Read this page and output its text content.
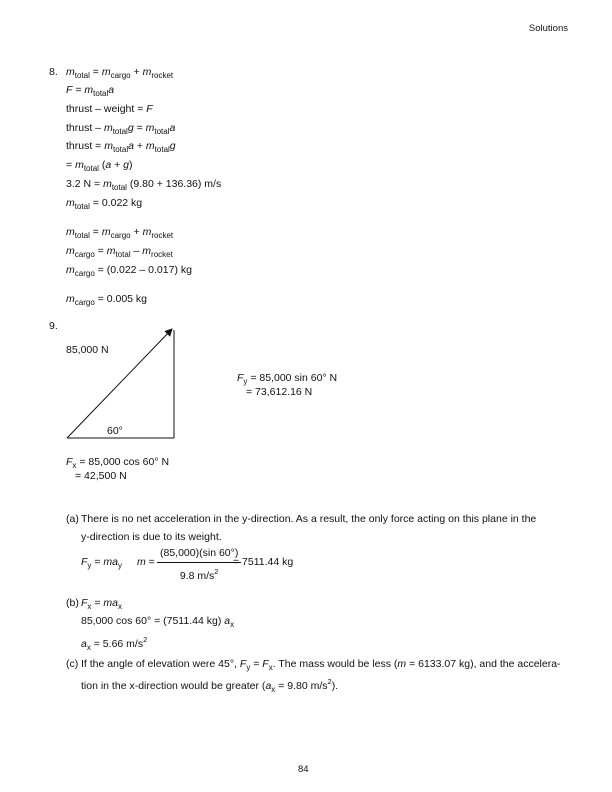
Solutions
8. $m_{total} = m_{cargo} + m_{rocket}$
$F = m_{total}a$
thrust – weight = F
thrust – $m_{total}g = m_{total}a$
thrust = $m_{total}a + m_{total}g$
= $m_{total}$ (a + g)
3.2 $N = m_{total}$ (9.80 + 136.36) m/s
$m_{total} = 0.022$ kg
$m_{total} = m_{cargo} + m_{rocket}$
$m_{cargo} = m_{total} - m_{rocket}$
$m_{cargo} = (0.022 - 0.017)$ kg
$m_{cargo} = 0.005$ kg
9.
85,000 N
60°
$F_y = 85,000$ sin 60° N
= 73,612.16 N
$F_x = 85,000$ cos 60° N
= 42,500 N
(a) There is no net acceleration in the y-direction. As a result, the only force acting on this plane in the
y-direction is due to its weight.
$F_y = ma_y$ $m = \frac{(85,000)(\sin 60^\circ)}{9.8 m/s^2}$
= 7511.44 kg
(b) $F_x = ma_x$
85,000 cos 60° = (7511.44 kg) $a_x$
$a_x = 5.66$ $m/s^2$
(c) If the angle of elevation were 45°, $F_y = F_x$. The mass would be less (m = 6133.07 kg), and the accelera-
tion in the x-direction would be greater ($a_x = 9.80$ $m/s^2$).
84
